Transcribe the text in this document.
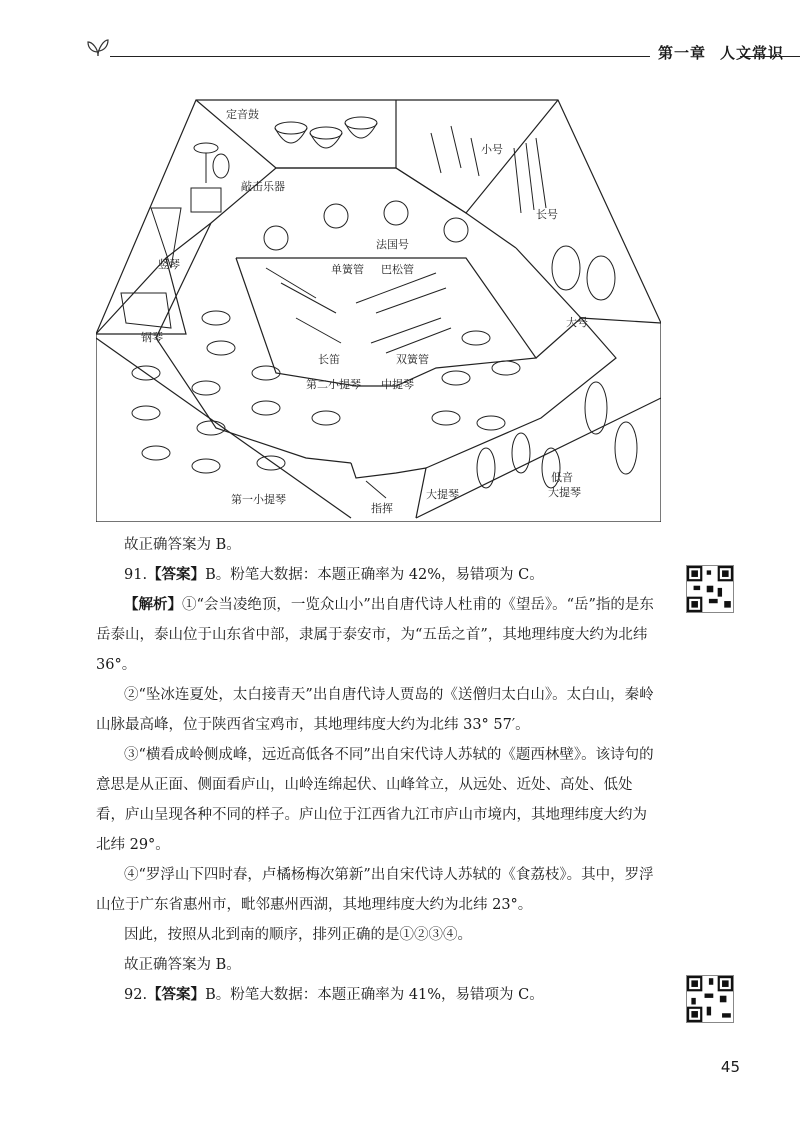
第一章 人文常识
定音鼓
敲击乐器
小号
长号
竖琴
法国号
单簧管 巴松管
大号
钢琴
长笛	双簧管
第二小提琴 中提琴
低音
大提琴
大提琴
第一小提琴
指挥

故正确答案为 B。

91.【答案】B。粉笔大数据：本题正确率为 42%，易错项为 C。

【解析】①“会当凌绝顶，一览众山小”出自唐代诗人杜甫的《望岳》。“岳”指的是东岳泰山，泰山位于山东省中部，隶属于泰安市，为“五岳之首”，其地理纬度大约为北纬 36°。

②“坠冰连夏处，太白接青天”出自唐代诗人贾岛的《送僧归太白山》。太白山，秦岭山脉最高峰，位于陕西省宝鸡市，其地理纬度大约为北纬 33° 57′。

③“横看成岭侧成峰，远近高低各不同”出自宋代诗人苏轼的《题西林壁》。该诗句的意思是从正面、侧面看庐山，山岭连绵起伏、山峰耸立，从远处、近处、高处、低处看，庐山呈现各种不同的样子。庐山位于江西省九江市庐山市境内，其地理纬度大约为北纬 29°。

④“罗浮山下四时春，卢橘杨梅次第新”出自宋代诗人苏轼的《食荔枝》。其中，罗浮山位于广东省惠州市，毗邻惠州西湖，其地理纬度大约为北纬 23°。

因此，按照从北到南的顺序，排列正确的是①②③④。

故正确答案为 B。

92.【答案】B。粉笔大数据：本题正确率为 41%，易错项为 C。

45
